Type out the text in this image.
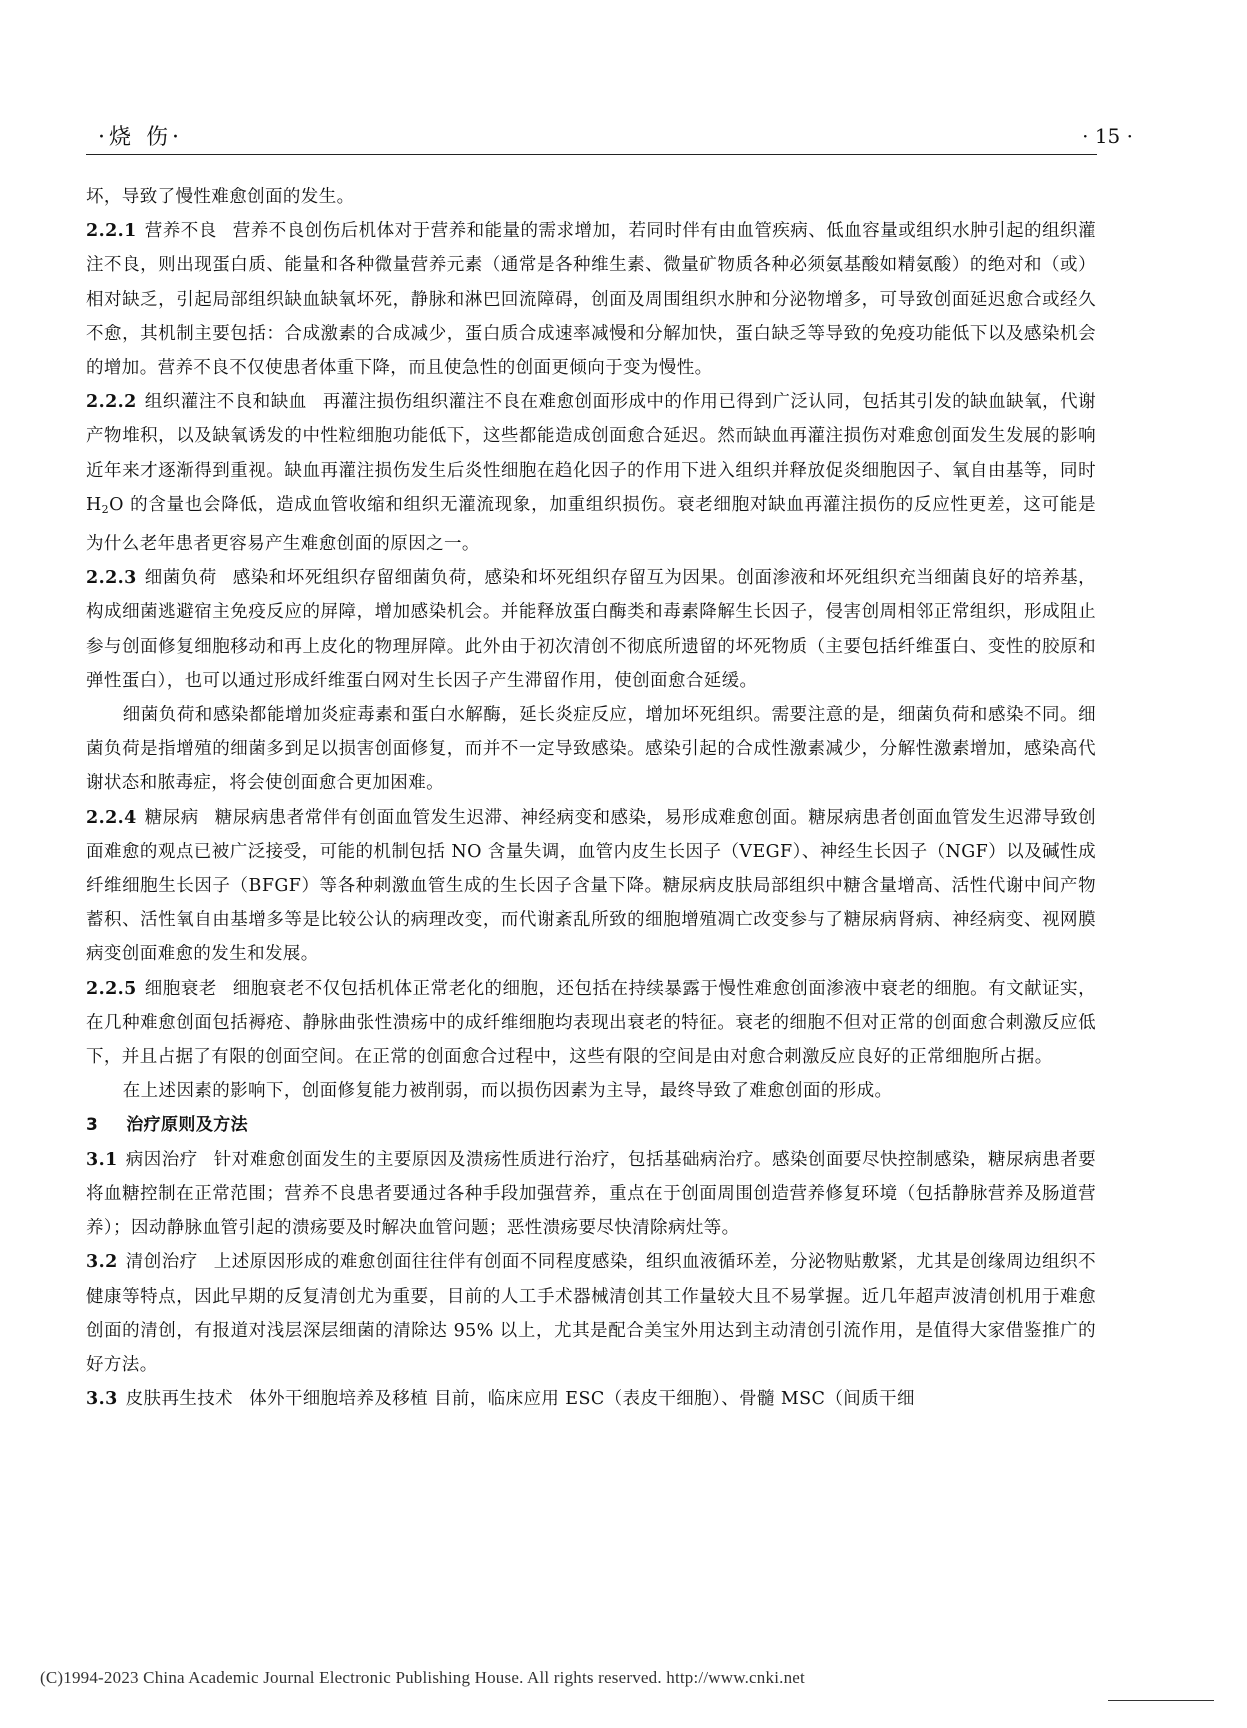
·烧 伤·	· 15 ·

坏，导致了慢性难愈创面的发生。

2.2.1 营养不良 营养不良创伤后机体对于营养和能量的需求增加，若同时伴有由血管疾病、低血容量或组织水肿引起的组织灌注不良，则出现蛋白质、能量和各种微量营养元素（通常是各种维生素、微量矿物质各种必须氨基酸如精氨酸）的绝对和（或）相对缺乏，引起局部组织缺血缺氧坏死，静脉和淋巴回流障碍，创面及周围组织水肿和分泌物增多，可导致创面延迟愈合或经久不愈，其机制主要包括：合成激素的合成减少，蛋白质合成速率减慢和分解加快，蛋白缺乏等导致的免疫功能低下以及感染机会的增加。营养不良不仅使患者体重下降，而且使急性的创面更倾向于变为慢性。

2.2.2 组织灌注不良和缺血 再灌注损伤组织灌注不良在难愈创面形成中的作用已得到广泛认同，包括其引发的缺血缺氧，代谢产物堆积，以及缺氧诱发的中性粒细胞功能低下，这些都能造成创面愈合延迟。然而缺血再灌注损伤对难愈创面发生发展的影响近年来才逐渐得到重视。缺血再灌注损伤发生后炎性细胞在趋化因子的作用下进入组织并释放促炎细胞因子、氧自由基等，同时 $H_2O$ 的含量也会降低，造成血管收缩和组织无灌流现象，加重组织损伤。衰老细胞对缺血再灌注损伤的反应性更差，这可能是为什么老年患者更容易产生难愈创面的原因之一。

2.2.3 细菌负荷 感染和坏死组织存留细菌负荷，感染和坏死组织存留互为因果。创面渗液和坏死组织充当细菌良好的培养基，构成细菌逃避宿主免疫反应的屏障，增加感染机会。并能释放蛋白酶类和毒素降解生长因子，侵害创周相邻正常组织，形成阻止参与创面修复细胞移动和再上皮化的物理屏障。此外由于初次清创不彻底所遗留的坏死物质（主要包括纤维蛋白、变性的胶原和弹性蛋白），也可以通过形成纤维蛋白网对生长因子产生滞留作用，使创面愈合延缓。

细菌负荷和感染都能增加炎症毒素和蛋白水解酶，延长炎症反应，增加坏死组织。需要注意的是，细菌负荷和感染不同。细菌负荷是指增殖的细菌多到足以损害创面修复，而并不一定导致感染。感染引起的合成性激素减少，分解性激素增加，感染高代谢状态和脓毒症，将会使创面愈合更加困难。

2.2.4 糖尿病 糖尿病患者常伴有创面血管发生迟滞、神经病变和感染，易形成难愈创面。糖尿病患者创面血管发生迟滞导致创面难愈的观点已被广泛接受，可能的机制包括 NO 含量失调，血管内皮生长因子（VEGF）、神经生长因子（NGF）以及碱性成纤维细胞生长因子（BFGF）等各种刺激血管生成的生长因子含量下降。糖尿病皮肤局部组织中糖含量增高、活性代谢中间产物蓄积、活性氧自由基增多等是比较公认的病理改变，而代谢紊乱所致的细胞增殖凋亡改变参与了糖尿病肾病、神经病变、视网膜病变创面难愈的发生和发展。

2.2.5 细胞衰老 细胞衰老不仅包括机体正常老化的细胞，还包括在持续暴露于慢性难愈创面渗液中衰老的细胞。有文献证实，在几种难愈创面包括褥疮、静脉曲张性溃疡中的成纤维细胞均表现出衰老的特征。衰老的细胞不但对正常的创面愈合刺激反应低下，并且占据了有限的创面空间。在正常的创面愈合过程中，这些有限的空间是由对愈合刺激反应良好的正常细胞所占据。

在上述因素的影响下，创面修复能力被削弱，而以损伤因素为主导，最终导致了难愈创面的形成。

3 治疗原则及方法

3.1 病因治疗 针对难愈创面发生的主要原因及溃疡性质进行治疗，包括基础病治疗。感染创面要尽快控制感染，糖尿病患者要将血糖控制在正常范围；营养不良患者要通过各种手段加强营养，重点在于创面周围创造营养修复环境（包括静脉营养及肠道营养）；因动静脉血管引起的溃疡要及时解决血管问题；恶性溃疡要尽快清除病灶等。

3.2 清创治疗 上述原因形成的难愈创面往往伴有创面不同程度感染，组织血液循环差，分泌物贴敷紧，尤其是创缘周边组织不健康等特点，因此早期的反复清创尤为重要，目前的人工手术器械清创其工作量较大且不易掌握。近几年超声波清创机用于难愈创面的清创，有报道对浅层深层细菌的清除达 95% 以上，尤其是配合美宝外用达到主动清创引流作用，是值得大家借鉴推广的好方法。

3.3 皮肤再生技术 体外干细胞培养及移植 目前，临床应用 ESC（表皮干细胞）、骨髓 MSC（间质干细

(C)1994-2023 China Academic Journal Electronic Publishing House. All rights reserved. http://www.cnki.net
